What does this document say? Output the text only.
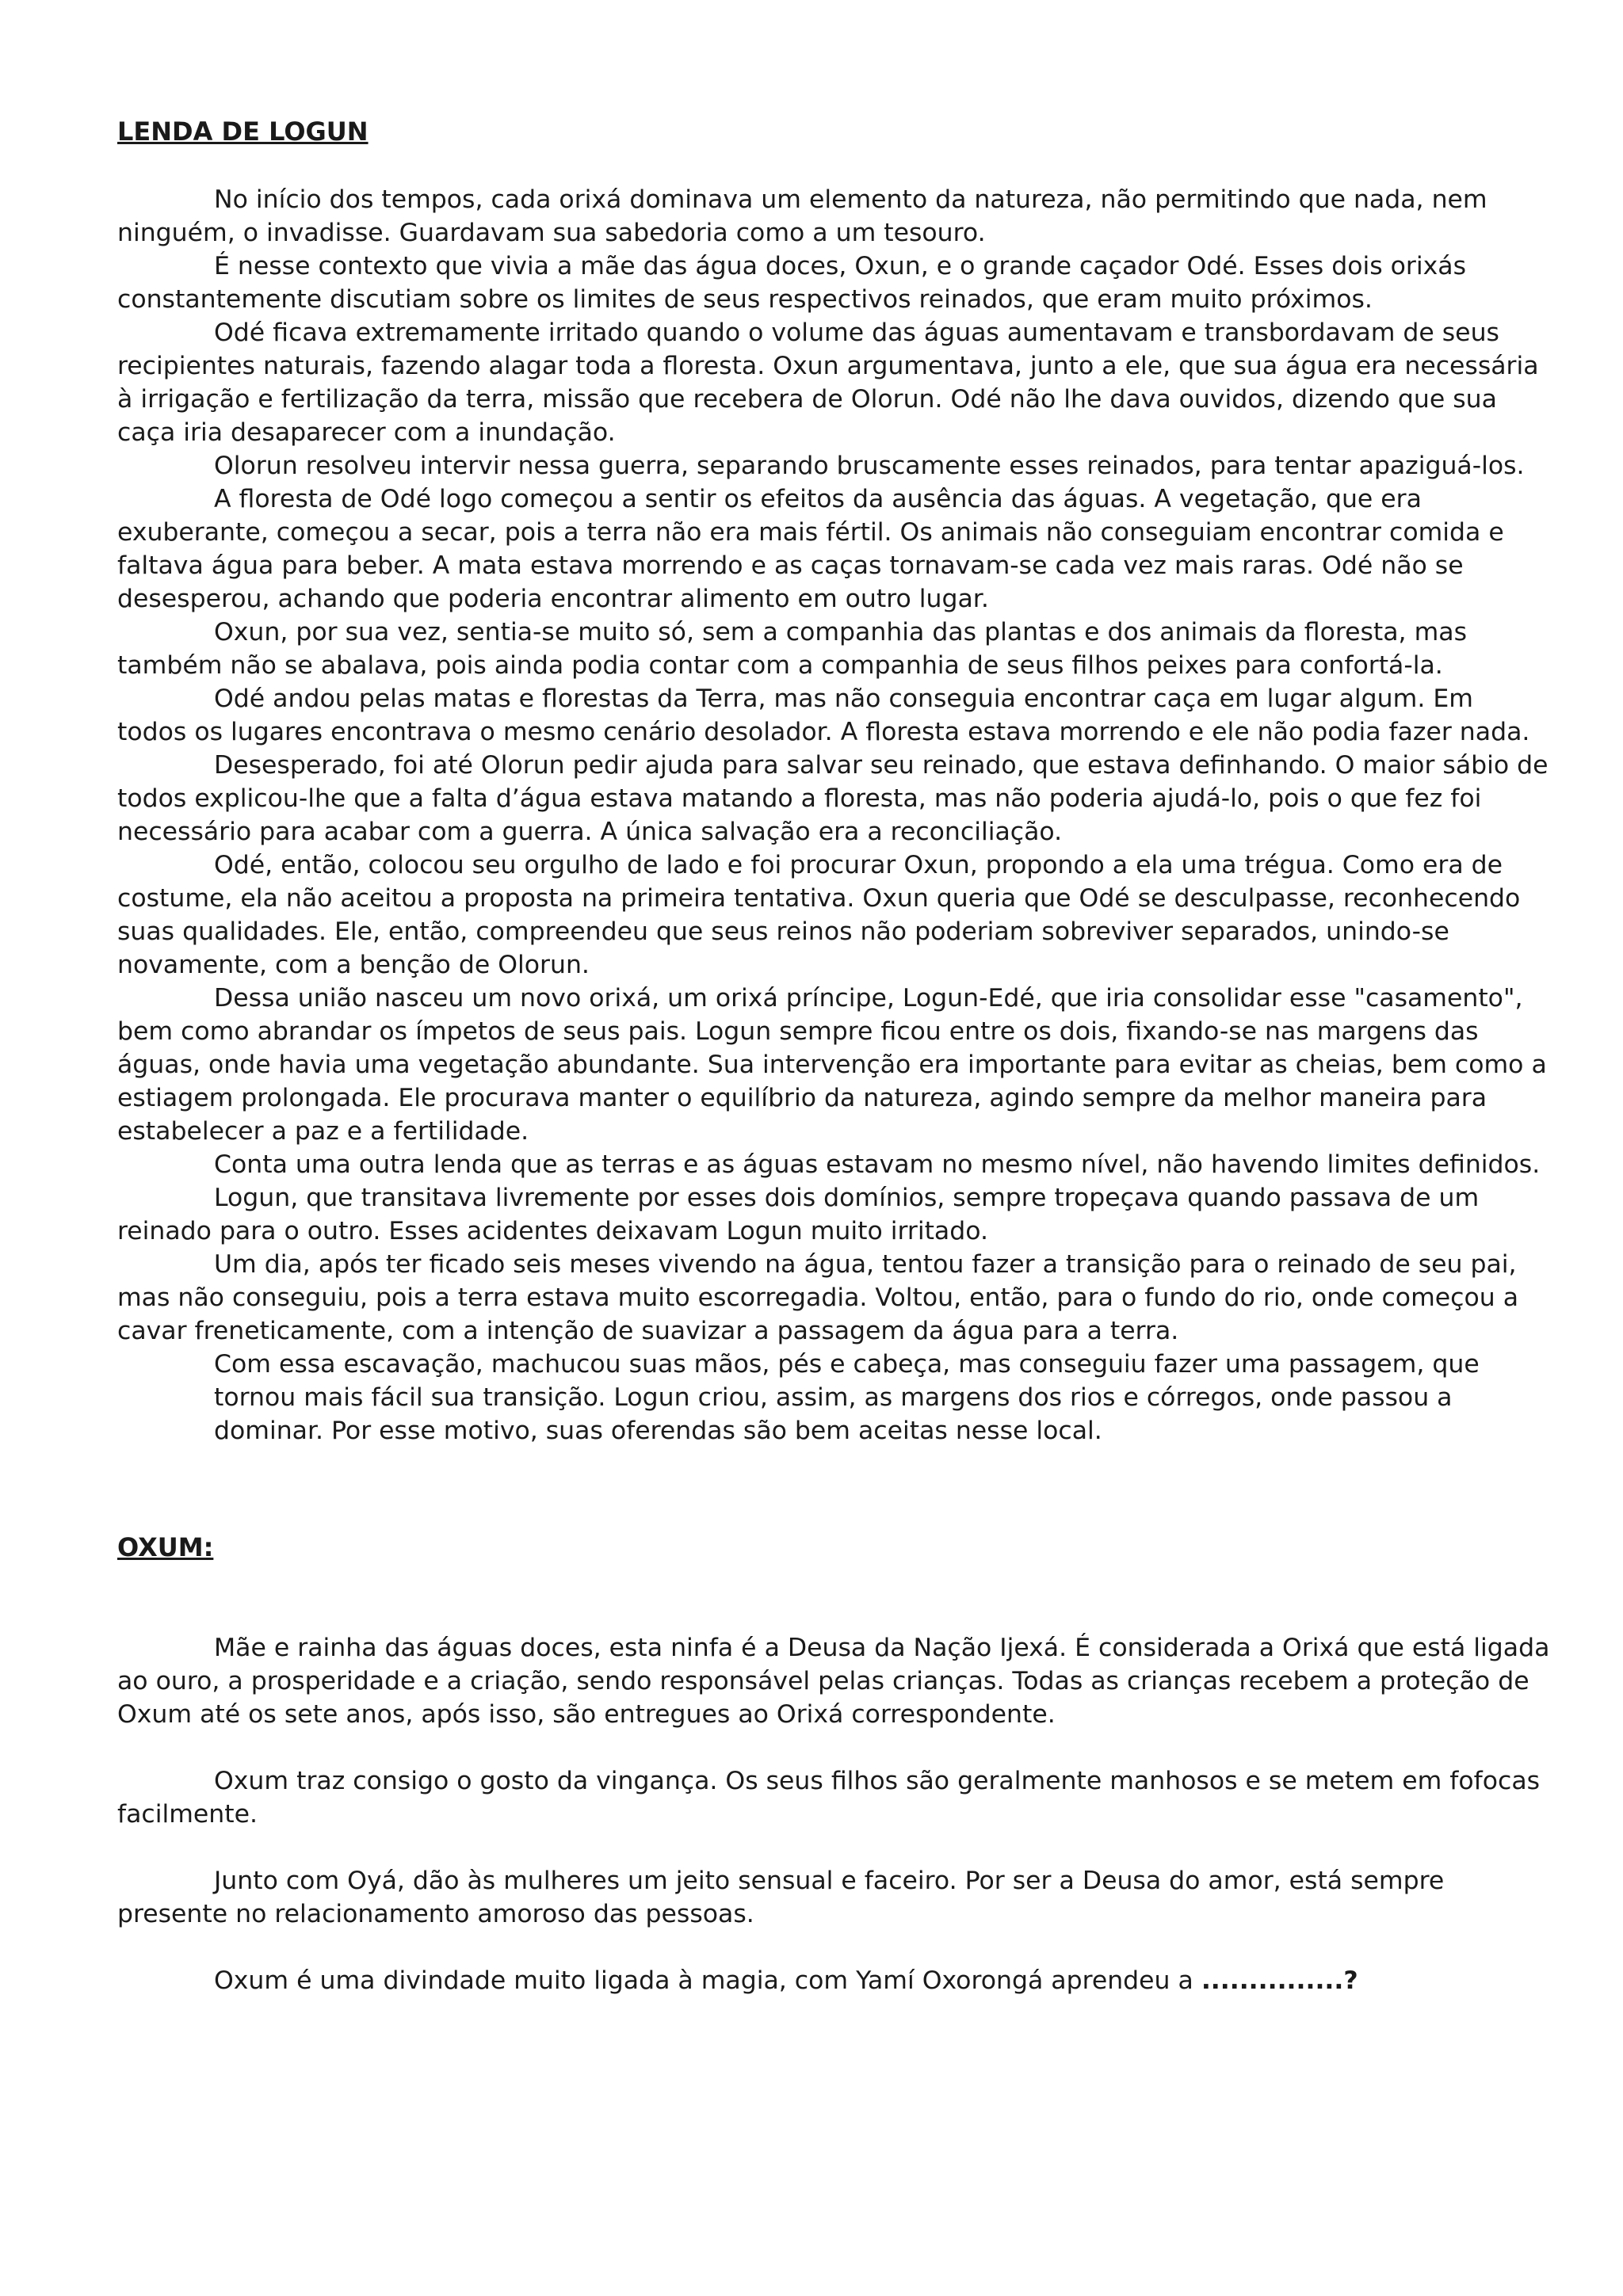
LENDA DE LOGUN

No início dos tempos, cada orixá dominava um elemento da natureza, não permitindo que nada, nem ninguém, o invadisse. Guardavam sua sabedoria como a um tesouro.

É nesse contexto que vivia a mãe das água doces, Oxun, e o grande caçador Odé. Esses dois orixás constantemente discutiam sobre os limites de seus respectivos reinados, que eram muito próximos.

Odé ficava extremamente irritado quando o volume das águas aumentavam e transbordavam de seus recipientes naturais, fazendo alagar toda a floresta. Oxun argumentava, junto a ele, que sua água era necessária à irrigação e fertilização da terra, missão que recebera de Olorun. Odé não lhe dava ouvidos, dizendo que sua caça iria desaparecer com a inundação.

Olorun resolveu intervir nessa guerra, separando bruscamente esses reinados, para tentar apaziguá-los.

A floresta de Odé logo começou a sentir os efeitos da ausência das águas. A vegetação, que era exuberante, começou a secar, pois a terra não era mais fértil. Os animais não conseguiam encontrar comida e faltava água para beber. A mata estava morrendo e as caças tornavam-se cada vez mais raras. Odé não se desesperou, achando que poderia encontrar alimento em outro lugar.

Oxun, por sua vez, sentia-se muito só, sem a companhia das plantas e dos animais da floresta, mas também não se abalava, pois ainda podia contar com a companhia de seus filhos peixes para confortá-la.

Odé andou pelas matas e florestas da Terra, mas não conseguia encontrar caça em lugar algum. Em todos os lugares encontrava o mesmo cenário desolador. A floresta estava morrendo e ele não podia fazer nada.

Desesperado, foi até Olorun pedir ajuda para salvar seu reinado, que estava definhando. O maior sábio de todos explicou-lhe que a falta d’água estava matando a floresta, mas não poderia ajudá-lo, pois o que fez foi necessário para acabar com a guerra. A única salvação era a reconciliação.

Odé, então, colocou seu orgulho de lado e foi procurar Oxun, propondo a ela uma trégua. Como era de costume, ela não aceitou a proposta na primeira tentativa. Oxun queria que Odé se desculpasse, reconhecendo suas qualidades. Ele, então, compreendeu que seus reinos não poderiam sobreviver separados, unindo-se novamente, com a benção de Olorun.

Dessa união nasceu um novo orixá, um orixá príncipe, Logun-Edé, que iria consolidar esse "casamento", bem como abrandar os ímpetos de seus pais. Logun sempre ficou entre os dois, fixando-se nas margens das águas, onde havia uma vegetação abundante. Sua intervenção era importante para evitar as cheias, bem como a estiagem prolongada. Ele procurava manter o equilíbrio da natureza, agindo sempre da melhor maneira para estabelecer a paz e a fertilidade.

Conta uma outra lenda que as terras e as águas estavam no mesmo nível, não havendo limites definidos.

Logun, que transitava livremente por esses dois domínios, sempre tropeçava quando passava de um reinado para o outro. Esses acidentes deixavam Logun muito irritado.

Um dia, após ter ficado seis meses vivendo na água, tentou fazer a transição para o reinado de seu pai, mas não conseguiu, pois a terra estava muito escorregadia. Voltou, então, para o fundo do rio, onde começou a cavar freneticamente, com a intenção de suavizar a passagem da água para a terra.

Com essa escavação, machucou suas mãos, pés e cabeça, mas conseguiu fazer uma passagem, que tornou mais fácil sua transição. Logun criou, assim, as margens dos rios e córregos, onde passou a dominar. Por esse motivo, suas oferendas são bem aceitas nesse local.

OXUM:

Mãe e rainha das águas doces, esta ninfa é a Deusa da Nação Ijexá. É considerada a Orixá que está ligada ao ouro, a prosperidade e a criação, sendo responsável pelas crianças. Todas as crianças recebem a proteção de Oxum até os sete anos, após isso, são entregues ao Orixá correspondente.

Oxum traz consigo o gosto da vingança. Os seus filhos são geralmente manhosos e se metem em fofocas facilmente.

Junto com Oyá, dão às mulheres um jeito sensual e faceiro. Por ser a Deusa do amor, está sempre presente no relacionamento amoroso das pessoas.

Oxum é uma divindade muito ligada à magia, com Yamí Oxorongá aprendeu a ...............?
